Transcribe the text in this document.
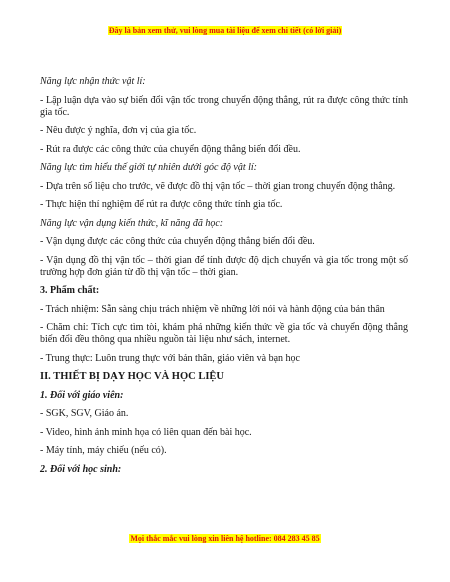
Đây là bản xem thử, vui lòng mua tài liệu để xem chi tiết (có lời giải)

Năng lực nhận thức vật lí:

- Lập luận dựa vào sự biến đổi vận tốc trong chuyển động thẳng, rút ra được công thức tính gia tốc.

- Nêu được ý nghĩa, đơn vị của gia tốc.

- Rút ra được các công thức của chuyển động thẳng biến đổi đều.

Năng lực tìm hiểu thế giới tự nhiên dưới góc độ vật lí:

- Dựa trên số liệu cho trước, vẽ được đồ thị vận tốc – thời gian trong chuyển động thẳng.

- Thực hiện thí nghiệm để rút ra được công thức tính gia tốc.

Năng lực vận dụng kiến thức, kĩ năng đã học:

- Vận dụng được các công thức của chuyển động thẳng biến đổi đều.

- Vận dụng đồ thị vận tốc – thời gian để tính được độ dịch chuyển và gia tốc trong một số trường hợp đơn giản từ đồ thị vận tốc – thời gian.

3. Phẩm chất:

- Trách nhiệm: Sẵn sàng chịu trách nhiệm về những lời nói và hành động của bản thân

- Chăm chỉ: Tích cực tìm tòi, khám phá những kiến thức về gia tốc và chuyển động thẳng biến đổi đều thông qua nhiều nguồn tài liệu như sách, internet.

- Trung thực: Luôn trung thực với bản thân, giáo viên và bạn học

II. THIẾT BỊ DẠY HỌC VÀ HỌC LIỆU

1. Đối với giáo viên:

- SGK, SGV, Giáo án.

- Video, hình ảnh minh họa có liên quan đến bài học.

- Máy tính, máy chiếu (nếu có).

2. Đối với học sinh:

Mọi thắc mắc vui lòng xin liên hệ hotline: 084 283 45 85
